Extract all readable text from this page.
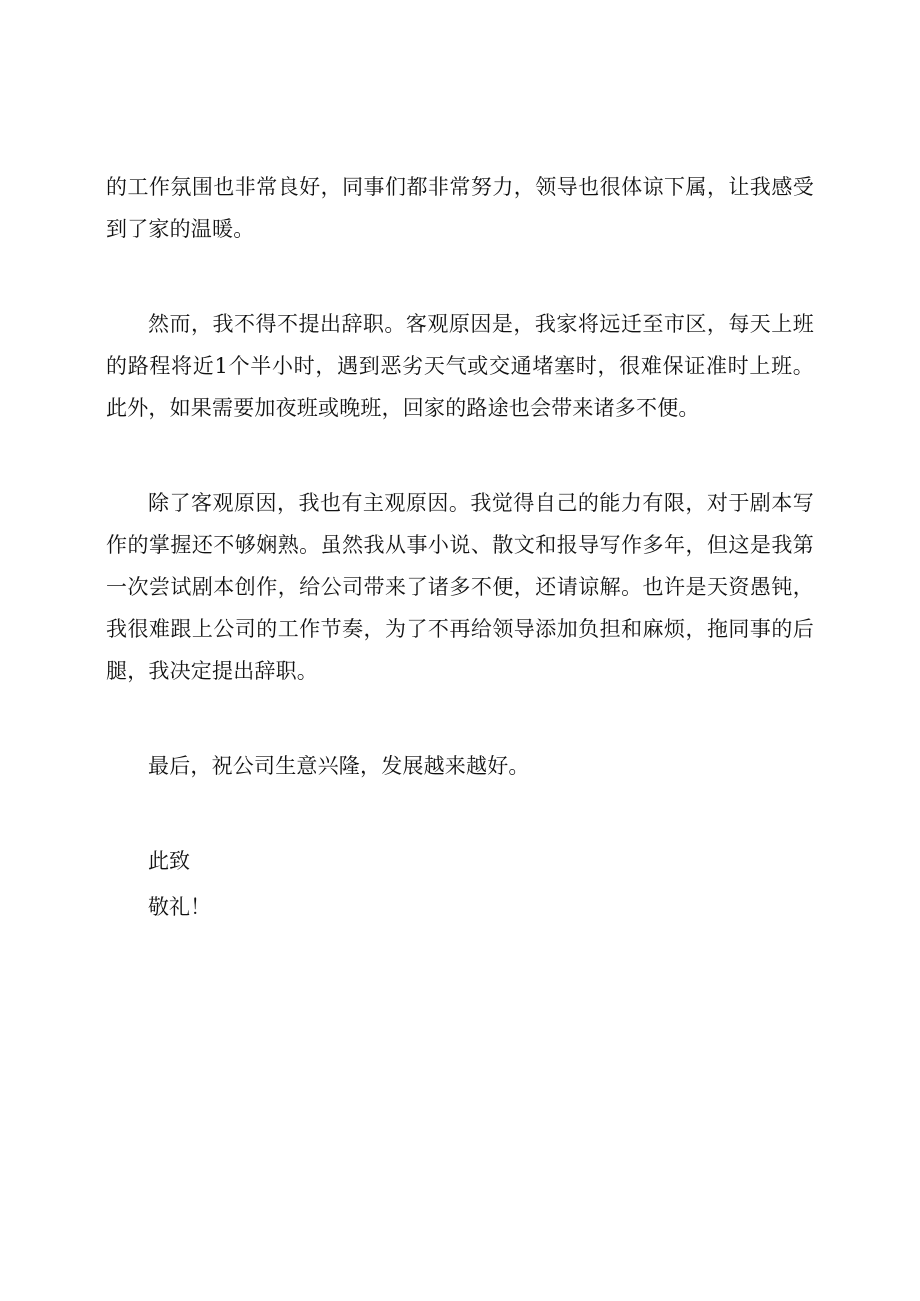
的工作氛围也非常良好，同事们都非常努力，领导也很体谅下属，让我感受到了家的温暖。

然而，我不得不提出辞职。客观原因是，我家将远迁至市区，每天上班的路程将近1个半小时，遇到恶劣天气或交通堵塞时，很难保证准时上班。此外，如果需要加夜班或晚班，回家的路途也会带来诸多不便。

除了客观原因，我也有主观原因。我觉得自己的能力有限，对于剧本写作的掌握还不够娴熟。虽然我从事小说、散文和报导写作多年，但这是我第一次尝试剧本创作，给公司带来了诸多不便，还请谅解。也许是天资愚钝，我很难跟上公司的工作节奏，为了不再给领导添加负担和麻烦，拖同事的后腿，我决定提出辞职。

最后，祝公司生意兴隆，发展越来越好。

此致

敬礼！
